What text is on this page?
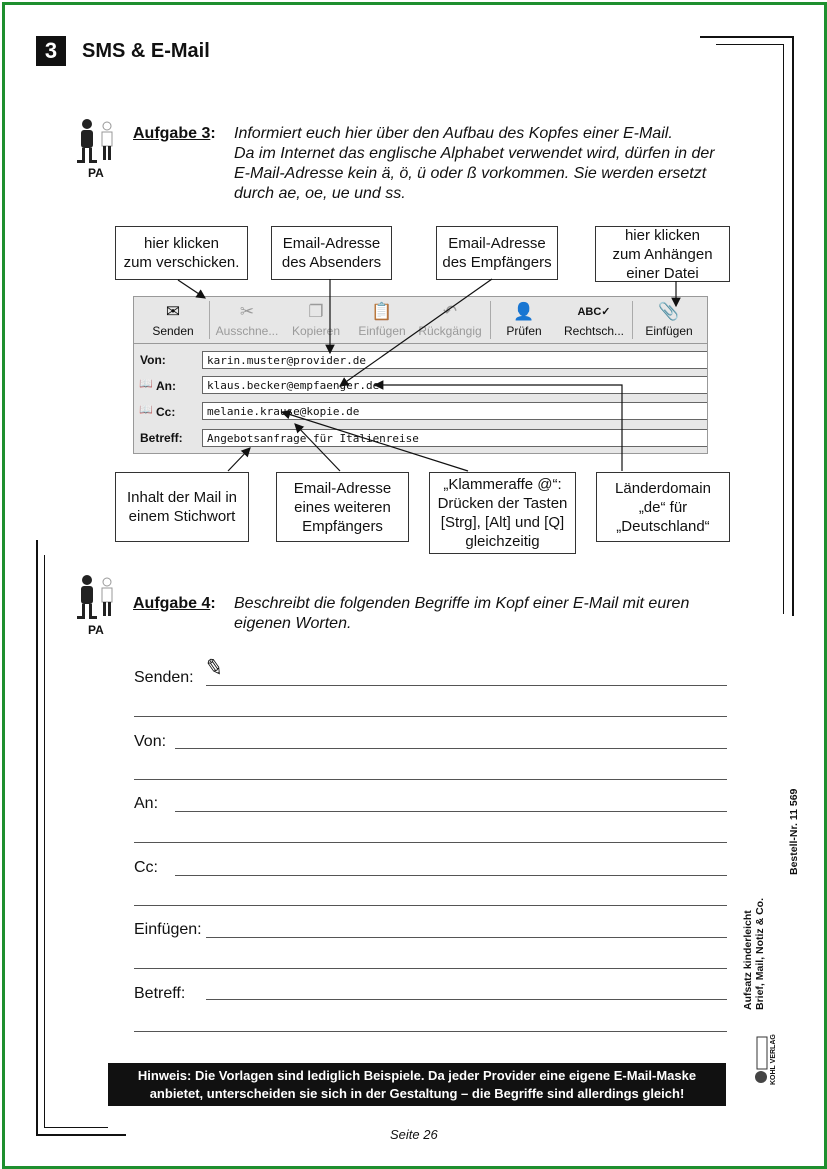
3	SMS & E-Mail
PA
Aufgabe 3: Informiert euch hier über den Aufbau des Kopfes einer E-Mail.
Da im Internet das englische Alphabet verwendet wird, dürfen in der
E-Mail-Adresse kein ä, ö, ü oder ß vorkommen. Sie werden ersetzt
durch ae, oe, ue und ss.
hier klicken
zum verschicken.
Email-Adresse
des Absenders
Email-Adresse
des Empfängers
hier klicken
zum Anhängen
einer Datei
✉
Senden
✂
Ausschne...
❐
Kopieren
📋
Einfügen
↶
Rückgängig
👤
Prüfen
ABC✓
Rechtsch...
📎
Einfügen
Von:	karin.muster@provider.de
📖 An:	klaus.becker@empfaenger.de
📖 Cc:	melanie.krause@kopie.de
Betreff:	Angebotsanfrage für Italienreise
Inhalt der Mail in
einem Stichwort
Email-Adresse
eines weiteren
Empfängers
„Klammeraffe @“:
Drücken der Tasten
[Strg], [Alt] und [Q]
gleichzeitig
Länderdomain
„de“ für
„Deutschland“
PA
Aufgabe 4: Beschreibt die folgenden Begriffe im Kopf einer E-Mail mit euren
eigenen Worten.
Senden: ✎
Von:
An:
Cc:
Einfügen:
Betreff:
Hinweis: Die Vorlagen sind lediglich Beispiele. Da jeder Provider eine eigene E-Mail-Maske
anbietet, unterscheiden sie sich in der Gestaltung – die Begriffe sind allerdings gleich!
Seite 26
Aufsatz kinderleicht Brief, Mail, Notiz & Co.
Bestell-Nr. 11 569
KOHL VERLAG
